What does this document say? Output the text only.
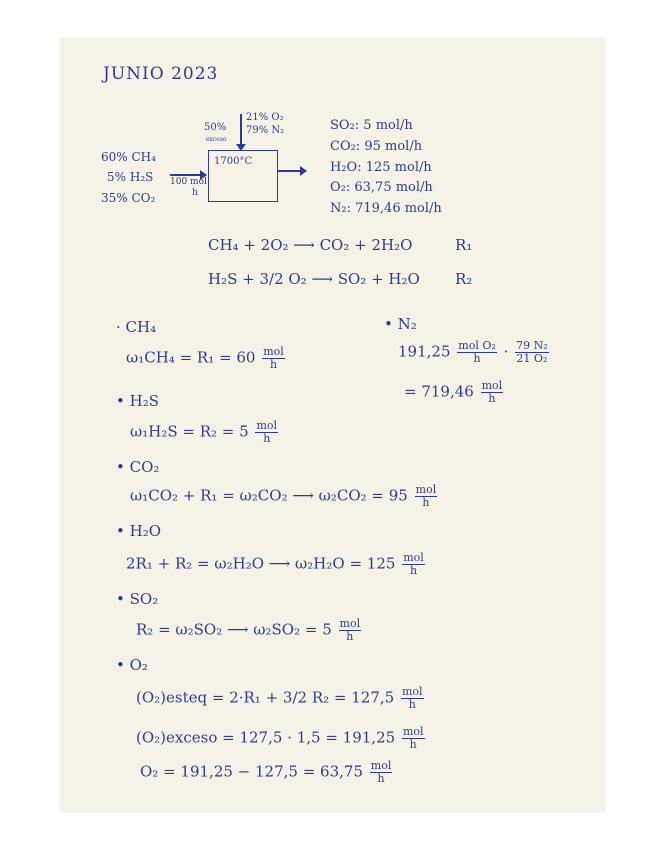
JUNIO 2023
50%
exceso
21% O₂
79% N₂
1700°C
100 mol
h
60% CH₄
5% H₂S
35% CO₂
SO₂: 5 mol/h
CO₂: 95 mol/h
H₂O: 125 mol/h
O₂: 63,75 mol/h
N₂: 719,46 mol/h
CH₄ + 2O₂ ⟶ CO₂ + 2H₂O	R₁
H₂S + 3/2 O₂ ⟶ SO₂ + H₂O R₂
· CH₄
$\omega_1CH_4 = R_1 = 60 \frac{\text{mol}}{h}$
• N₂
$191,25 \frac{\text{mol O₂}}{h} \cdot \frac{\text{79 N₂}}{\text{21 O₂}}$
= $719,46 \frac{\text{mol}}{h}$
• H₂S
$\omega_1H_2S = R_2 = 5 \frac{\text{mol}}{h}$
• CO₂
ω₁CO₂ + R₁ = ω₂CO₂ ⟶ $\omega_2CO_2 = 95 \frac{\text{mol}}{h}$
• H₂O
2R₁ + R₂ = ω₂H₂O ⟶ $\omega_2H_2O = 125 \frac{\text{mol}}{h}$
• SO₂
R₂ = ω₂SO₂ ⟶ $\omega_2SO_2 = 5 \frac{\text{mol}}{h}$
• O₂
(O₂)esteq = 2·R₁ + 3/2 $R_2 = 127,5 \frac{\text{mol}}{h}$
(O₂)exceso = $127,5 \cdot 1,5 = 191,25 \frac{\text{mol}}{h}$
$O_2 = 191,25 - 127,5 = 63,75 \frac{\text{mol}}{h}$
